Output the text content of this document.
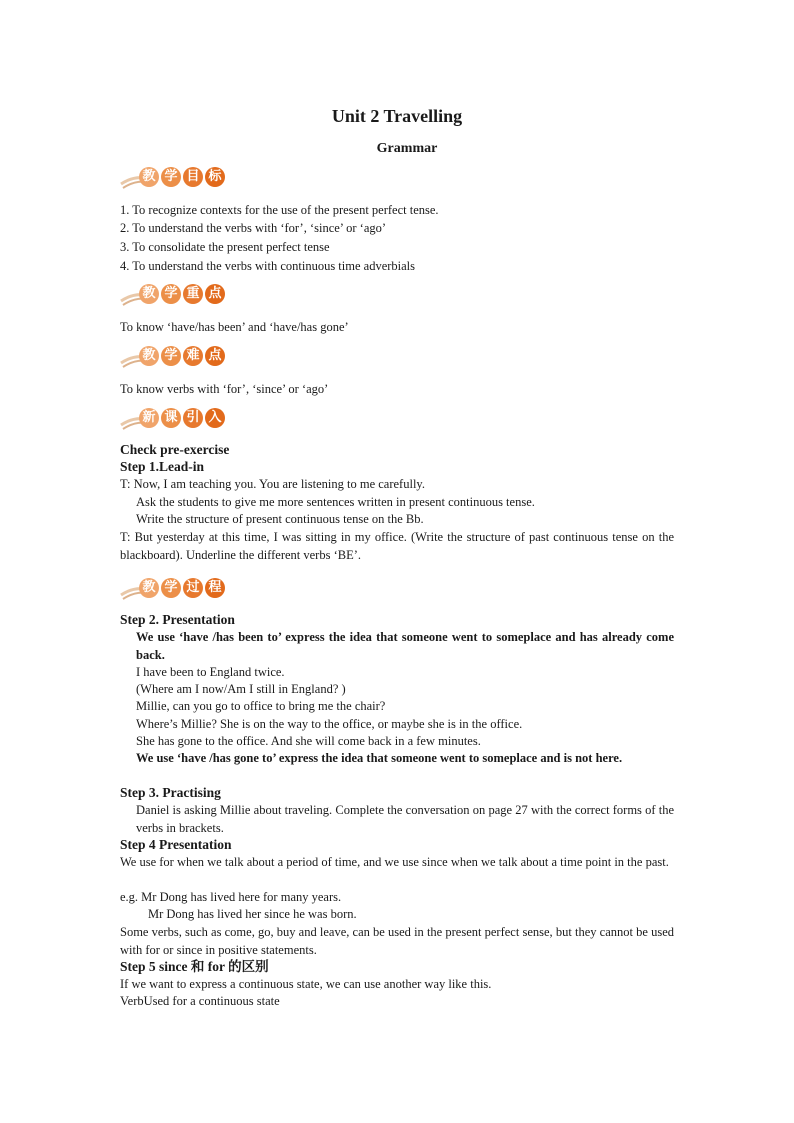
Unit 2 Travelling
Grammar
教 学 目 标
1. To recognize contexts for the use of the present perfect tense.
2. To understand the verbs with ‘for’, ‘since’ or ‘ago’
3. To consolidate the present perfect tense
4. To understand the verbs with continuous time adverbials
教 学 重 点
To know ‘have/has been’ and ‘have/has gone’
教 学 难 点
To know verbs with ‘for’, ‘since’ or ‘ago’
新 课 引 入
Check pre-exercise
Step 1.Lead-in
T: Now, I am teaching you. You are listening to me carefully.
Ask the students to give me more sentences written in present continuous tense.
Write the structure of present continuous tense on the Bb.
T: But yesterday at this time, I was sitting in my office. (Write the structure of past continuous tense on the blackboard). Underline the different verbs ‘BE’.
教 学 过 程
Step 2. Presentation
We use ‘have /has been to’ express the idea that someone went to someplace and has already come back.
I have been to England twice.
(Where am I now/Am I still in England? )
Millie, can you go to office to bring me the chair?
Where’s Millie? She is on the way to the office, or maybe she is in the office.
She has gone to the office. And she will come back in a few minutes.
We use ‘have /has gone to’ express the idea that someone went to someplace and is not here.
Step 3. Practising
Daniel is asking Millie about traveling. Complete the conversation on page 27 with the correct forms of the verbs in brackets.
Step 4 Presentation
We use for when we talk about a period of time, and we use since when we talk about a time point in the past.
e.g. Mr Dong has lived here for many years.
Mr Dong has lived her since he was born.
Some verbs, such as come, go, buy and leave, can be used in the present perfect sense, but they cannot be used with for or since in positive statements.
Step 5 since 和 for 的区别
If we want to express a continuous state, we can use another way like this.
VerbUsed for a continuous state
